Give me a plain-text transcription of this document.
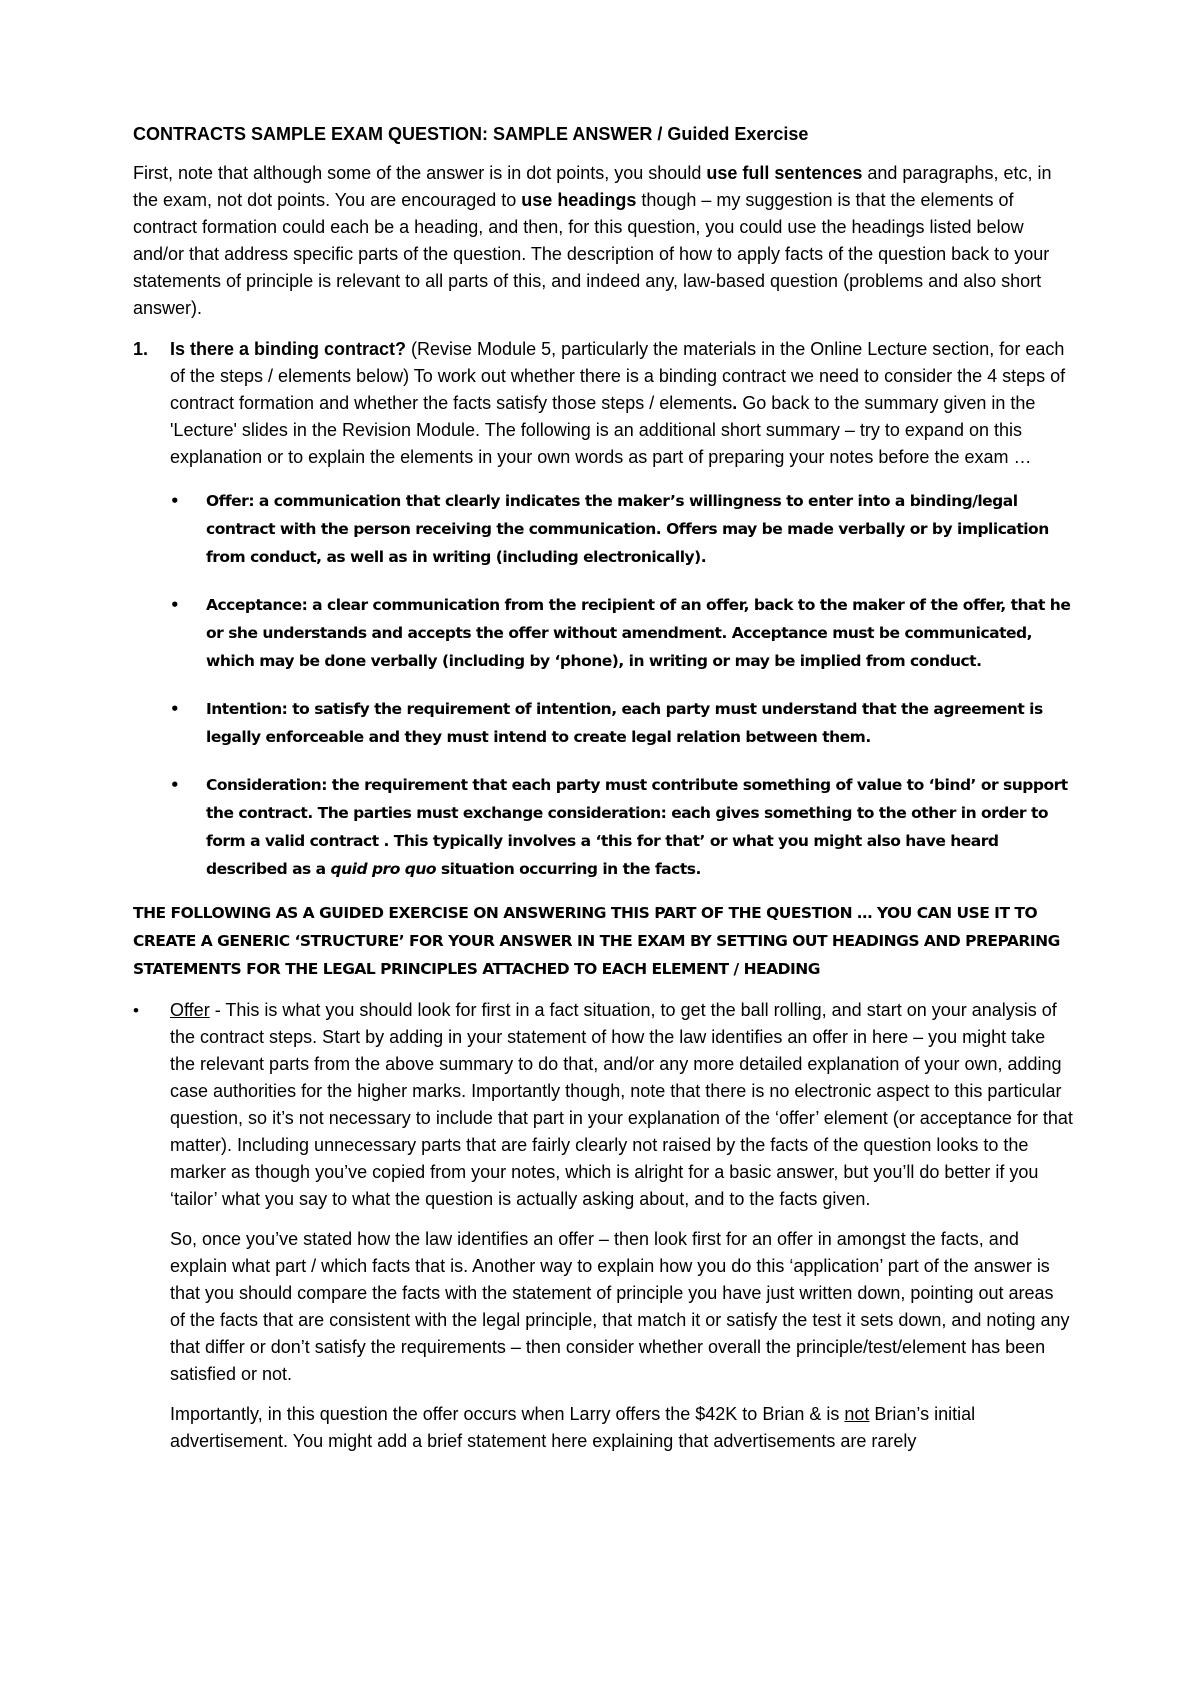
CONTRACTS SAMPLE EXAM QUESTION: SAMPLE ANSWER / Guided Exercise

First, note that although some of the answer is in dot points, you should use full sentences and paragraphs, etc, in the exam, not dot points. You are encouraged to use headings though – my suggestion is that the elements of contract formation could each be a heading, and then, for this question, you could use the headings listed below and/or that address specific parts of the question. The description of how to apply facts of the question back to your statements of principle is relevant to all parts of this, and indeed any, law-based question (problems and also short answer).

1. Is there a binding contract? (Revise Module 5, particularly the materials in the Online Lecture section, for each of the steps / elements below) To work out whether there is a binding contract we need to consider the 4 steps of contract formation and whether the facts satisfy those steps / elements. Go back to the summary given in the 'Lecture' slides in the Revision Module. The following is an additional short summary – try to expand on this explanation or to explain the elements in your own words as part of preparing your notes before the exam …
• Offer: a communication that clearly indicates the maker’s willingness to enter into a binding/legal contract with the person receiving the communication. Offers may be made verbally or by implication from conduct, as well as in writing (including electronically).
• Acceptance: a clear communication from the recipient of an offer, back to the maker of the offer, that he or she understands and accepts the offer without amendment. Acceptance must be communicated, which may be done verbally (including by ‘phone), in writing or may be implied from conduct.
• Intention: to satisfy the requirement of intention, each party must understand that the agreement is legally enforceable and they must intend to create legal relation between them.
• Consideration: the requirement that each party must contribute something of value to ‘bind’ or support the contract. The parties must exchange consideration: each gives something to the other in order to form a valid contract . This typically involves a ‘this for that’ or what you might also have heard described as a quid pro quo situation occurring in the facts.
THE FOLLOWING AS A GUIDED EXERCISE ON ANSWERING THIS PART OF THE QUESTION … YOU CAN USE IT TO CREATE A GENERIC ‘STRUCTURE’ FOR YOUR ANSWER IN THE EXAM BY SETTING OUT HEADINGS AND PREPARING STATEMENTS FOR THE LEGAL PRINCIPLES ATTACHED TO EACH ELEMENT / HEADING
• Offer - This is what you should look for first in a fact situation, to get the ball rolling, and start on your analysis of the contract steps. Start by adding in your statement of how the law identifies an offer in here – you might take the relevant parts from the above summary to do that, and/or any more detailed explanation of your own, adding case authorities for the higher marks. Importantly though, note that there is no electronic aspect to this particular question, so it’s not necessary to include that part in your explanation of the ‘offer’ element (or acceptance for that matter). Including unnecessary parts that are fairly clearly not raised by the facts of the question looks to the marker as though you’ve copied from your notes, which is alright for a basic answer, but you’ll do better if you ‘tailor’ what you say to what the question is actually asking about, and to the facts given.

So, once you’ve stated how the law identifies an offer – then look first for an offer in amongst the facts, and explain what part / which facts that is. Another way to explain how you do this ‘application’ part of the answer is that you should compare the facts with the statement of principle you have just written down, pointing out areas of the facts that are consistent with the legal principle, that match it or satisfy the test it sets down, and noting any that differ or don’t satisfy the requirements – then consider whether overall the principle/test/element has been satisfied or not.

Importantly, in this question the offer occurs when Larry offers the $42K to Brian & is not Brian’s initial advertisement. You might add a brief statement here explaining that advertisements are rarely
